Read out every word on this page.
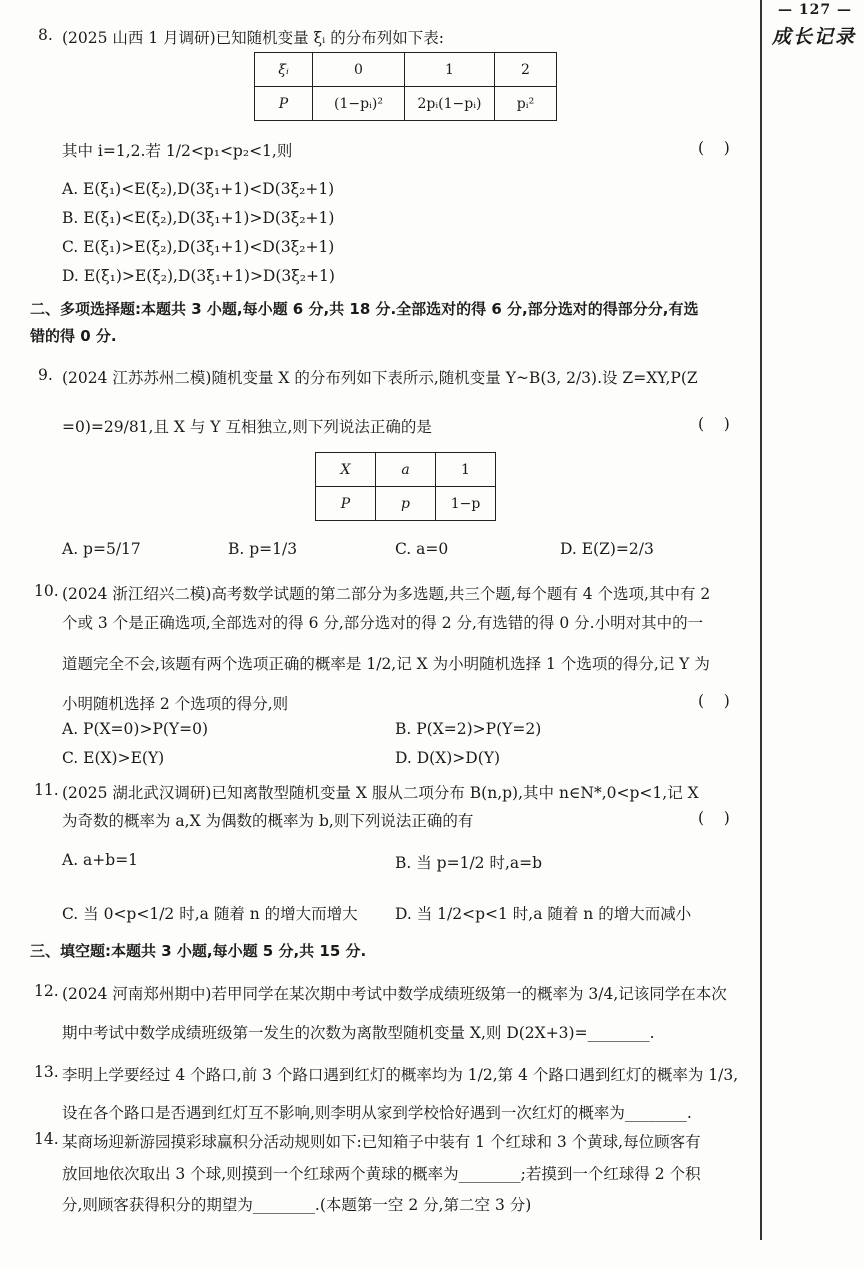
— 127 —
成长记录
8. (2025 山西 1 月调研)已知随机变量 ξᵢ 的分布列如下表:
ξᵢ	0	1	2
P	(1−pᵢ)²	2pᵢ(1−pᵢ)	pᵢ²
其中 i=1,2.若 1/2<p₁<p₂<1,则	(    )
A. E(ξ₁)<E(ξ₂),D(3ξ₁+1)<D(3ξ₂+1)
B. E(ξ₁)<E(ξ₂),D(3ξ₁+1)>D(3ξ₂+1)
C. E(ξ₁)>E(ξ₂),D(3ξ₁+1)<D(3ξ₂+1)
D. E(ξ₁)>E(ξ₂),D(3ξ₁+1)>D(3ξ₂+1)
二、多项选择题:本题共 3 小题,每小题 6 分,共 18 分.全部选对的得 6 分,部分选对的得部分分,有选
错的得 0 分.
9. (2024 江苏苏州二模)随机变量 X 的分布列如下表所示,随机变量 Y~B(3, 2/3).设 Z=XY,P(Z
=0)=29/81,且 X 与 Y 互相独立,则下列说法正确的是	(    )
X	a	1
P	p	1−p
A. p=5/17	B. p=1/3	C. a=0	D. E(Z)=2/3
10. (2024 浙江绍兴二模)高考数学试题的第二部分为多选题,共三个题,每个题有 4 个选项,其中有 2
个或 3 个是正确选项,全部选对的得 6 分,部分选对的得 2 分,有选错的得 0 分.小明对其中的一
道题完全不会,该题有两个选项正确的概率是 1/2,记 X 为小明随机选择 1 个选项的得分,记 Y 为
小明随机选择 2 个选项的得分,则	(    )
A. P(X=0)>P(Y=0)	B. P(X=2)>P(Y=2)
C. E(X)>E(Y)	D. D(X)>D(Y)
11. (2025 湖北武汉调研)已知离散型随机变量 X 服从二项分布 B(n,p),其中 n∈N*,0<p<1,记 X
为奇数的概率为 a,X 为偶数的概率为 b,则下列说法正确的有	(    )
A. a+b=1	B. 当 p=1/2 时,a=b
C. 当 0<p<1/2 时,a 随着 n 的增大而增大 D. 当 1/2<p<1 时,a 随着 n 的增大而减小
三、填空题:本题共 3 小题,每小题 5 分,共 15 分.
12. (2024 河南郑州期中)若甲同学在某次期中考试中数学成绩班级第一的概率为 3/4,记该同学在本次
期中考试中数学成绩班级第一发生的次数为离散型随机变量 X,则 D(2X+3)=________.
13. 李明上学要经过 4 个路口,前 3 个路口遇到红灯的概率均为 1/2,第 4 个路口遇到红灯的概率为 1/3,
设在各个路口是否遇到红灯互不影响,则李明从家到学校恰好遇到一次红灯的概率为________.
14. 某商场迎新游园摸彩球赢积分活动规则如下:已知箱子中装有 1 个红球和 3 个黄球,每位顾客有
放回地依次取出 3 个球,则摸到一个红球两个黄球的概率为________;若摸到一个红球得 2 个积
分,则顾客获得积分的期望为________.(本题第一空 2 分,第二空 3 分)
